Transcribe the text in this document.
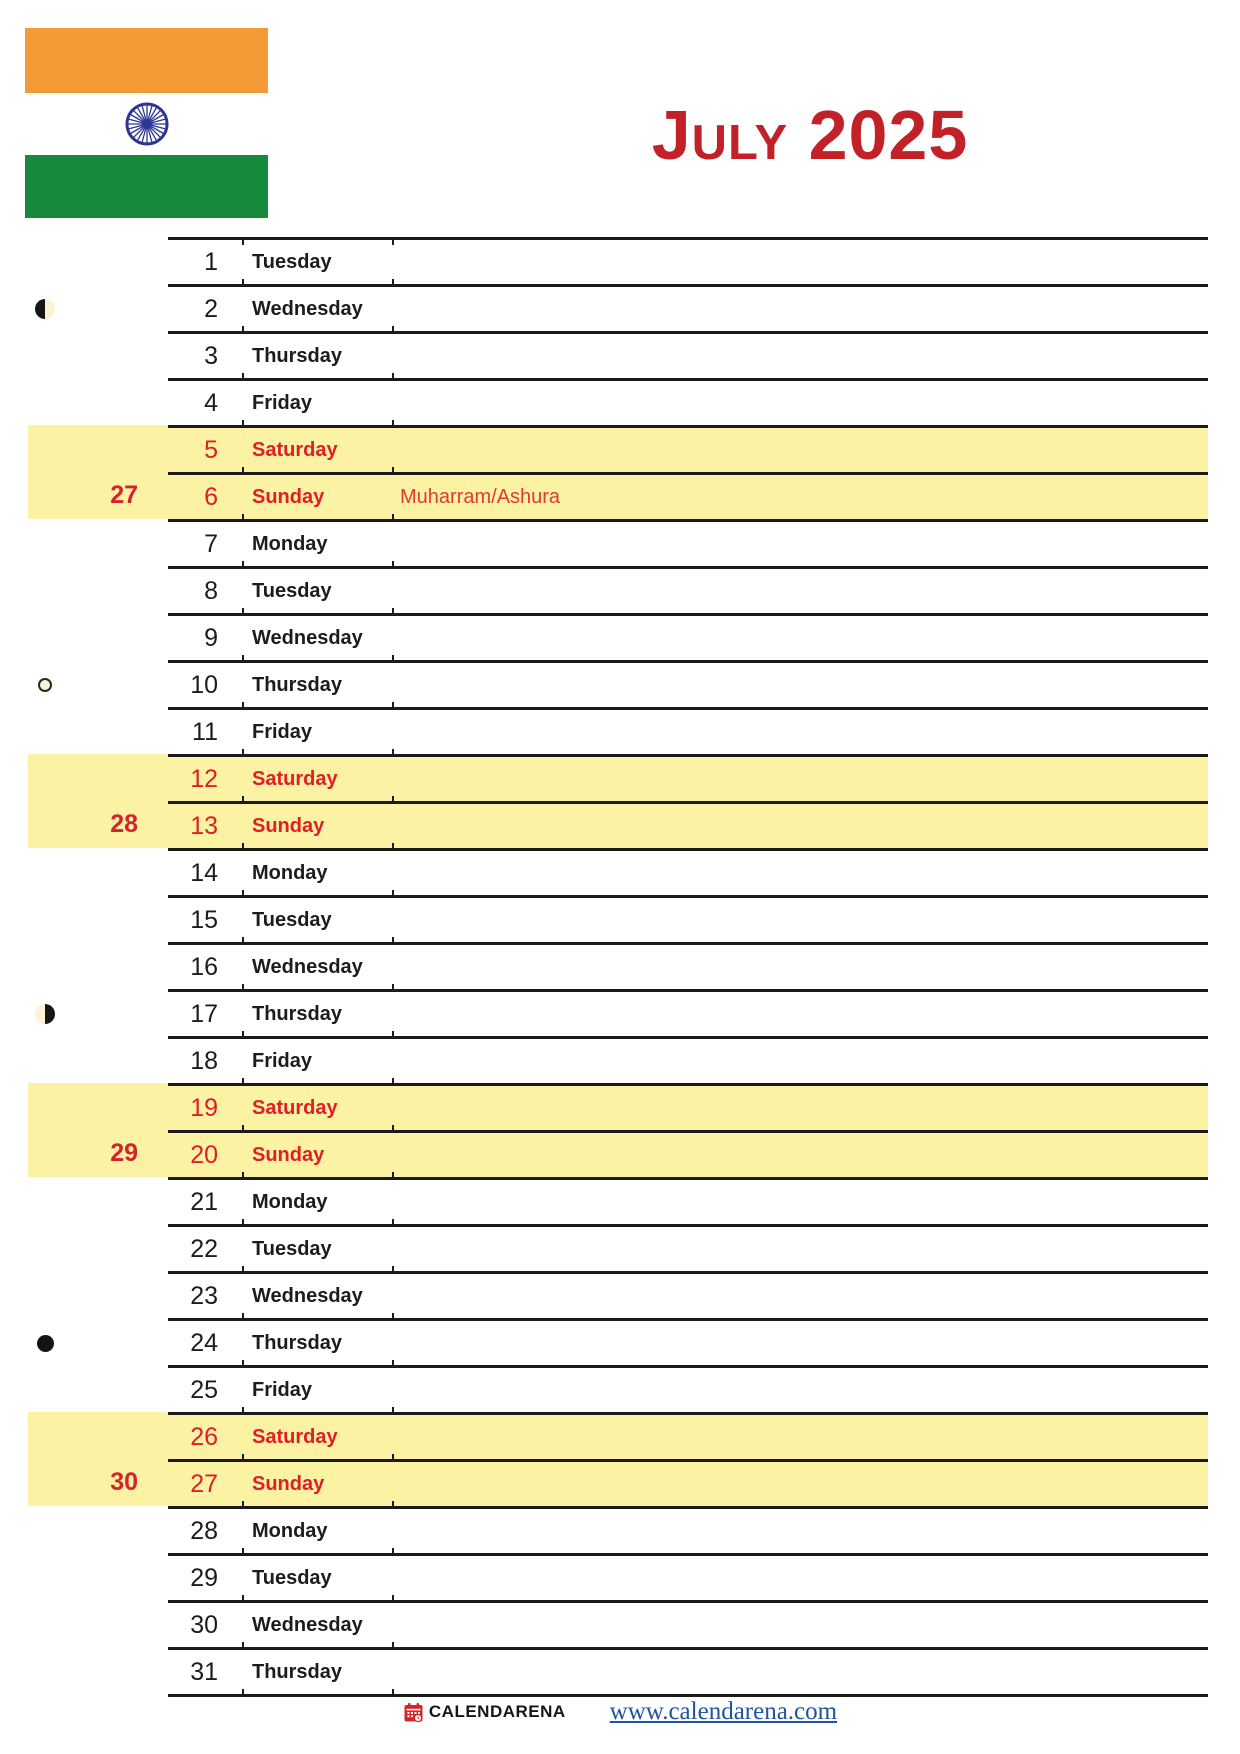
July 2025
1 Tuesday
2 Wednesday
3 Thursday
4 Friday
5 Saturday
6 Sunday	Muharram/Ashura
7 Monday
8 Tuesday
9 Wednesday
10 Thursday
11 Friday
12 Saturday
13 Sunday
14 Monday
15 Tuesday
16 Wednesday
17 Thursday
18 Friday
19 Saturday
20 Sunday
21 Monday
22 Tuesday
23 Wednesday
24 Thursday
25 Friday
26 Saturday
27 Sunday
28 Monday
29 Tuesday
30 Wednesday
31 Thursday
CALENDARENA www.calendarena.com
27
28
29
30
